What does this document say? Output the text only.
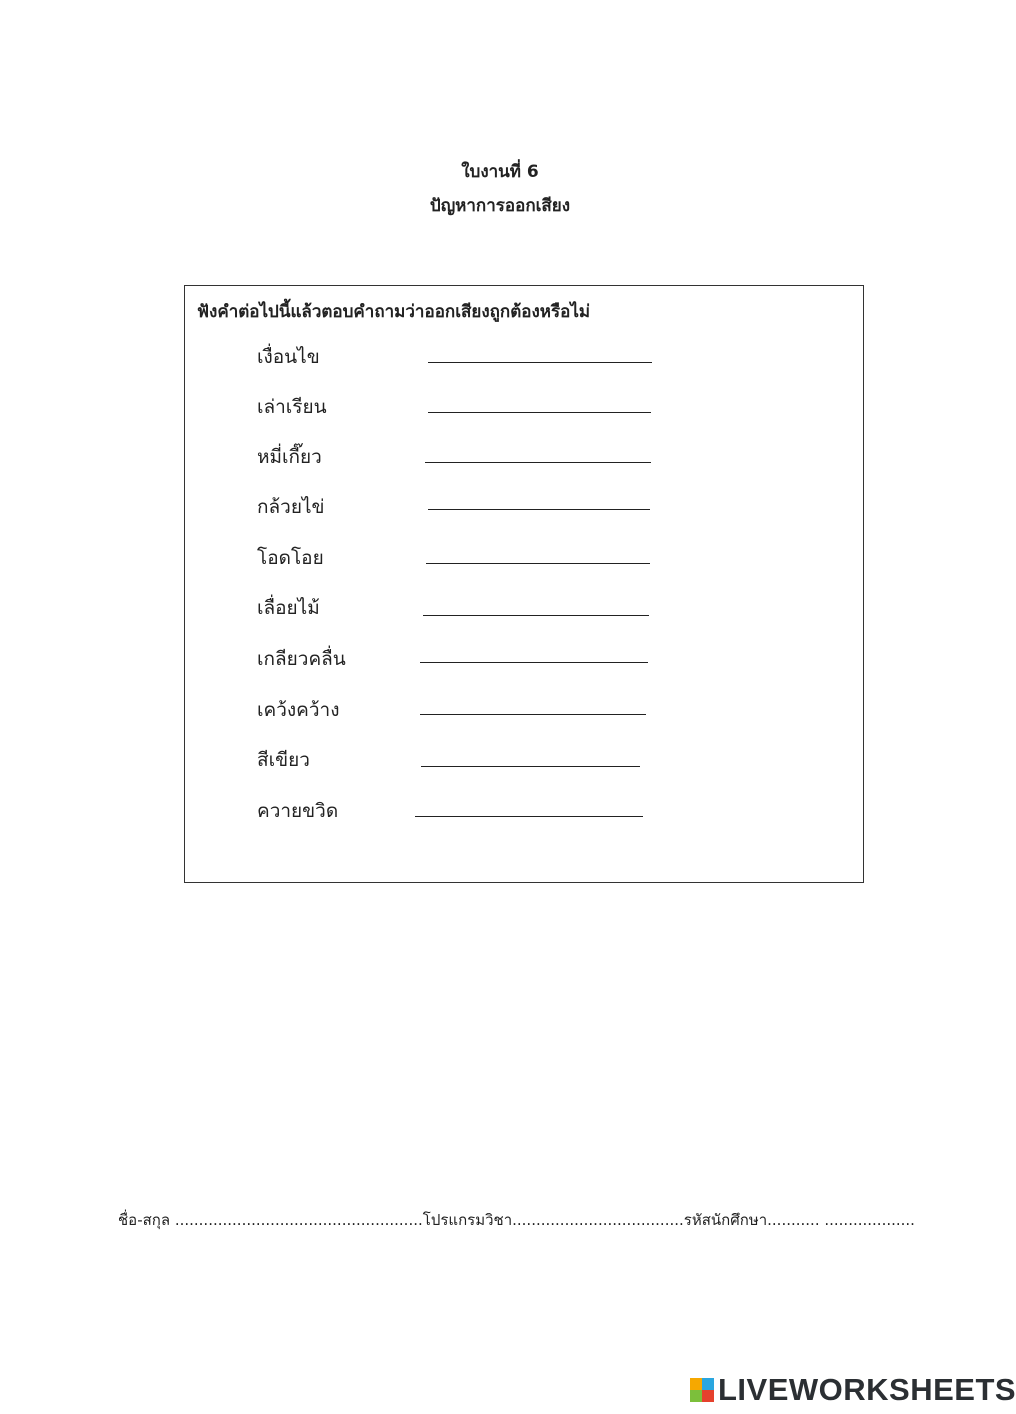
ใบงานที่ 6
ปัญหาการออกเสียง
ฟังคำต่อไปนี้แล้วตอบคำถามว่าออกเสียงถูกต้องหรือไม่
เงื่อนไข
เล่าเรียน
หมี่เกี๊ยว
กล้วยไข่
โอดโอย
เลื่อยไม้
เกลียวคลื่น
เคว้งคว้าง
สีเขียว
ควายขวิด
ชื่อ-สกุล ....................................................โปรแกรมวิชา....................................รหัสนักศึกษา........... ...................
LIVEWORKSHEETS
